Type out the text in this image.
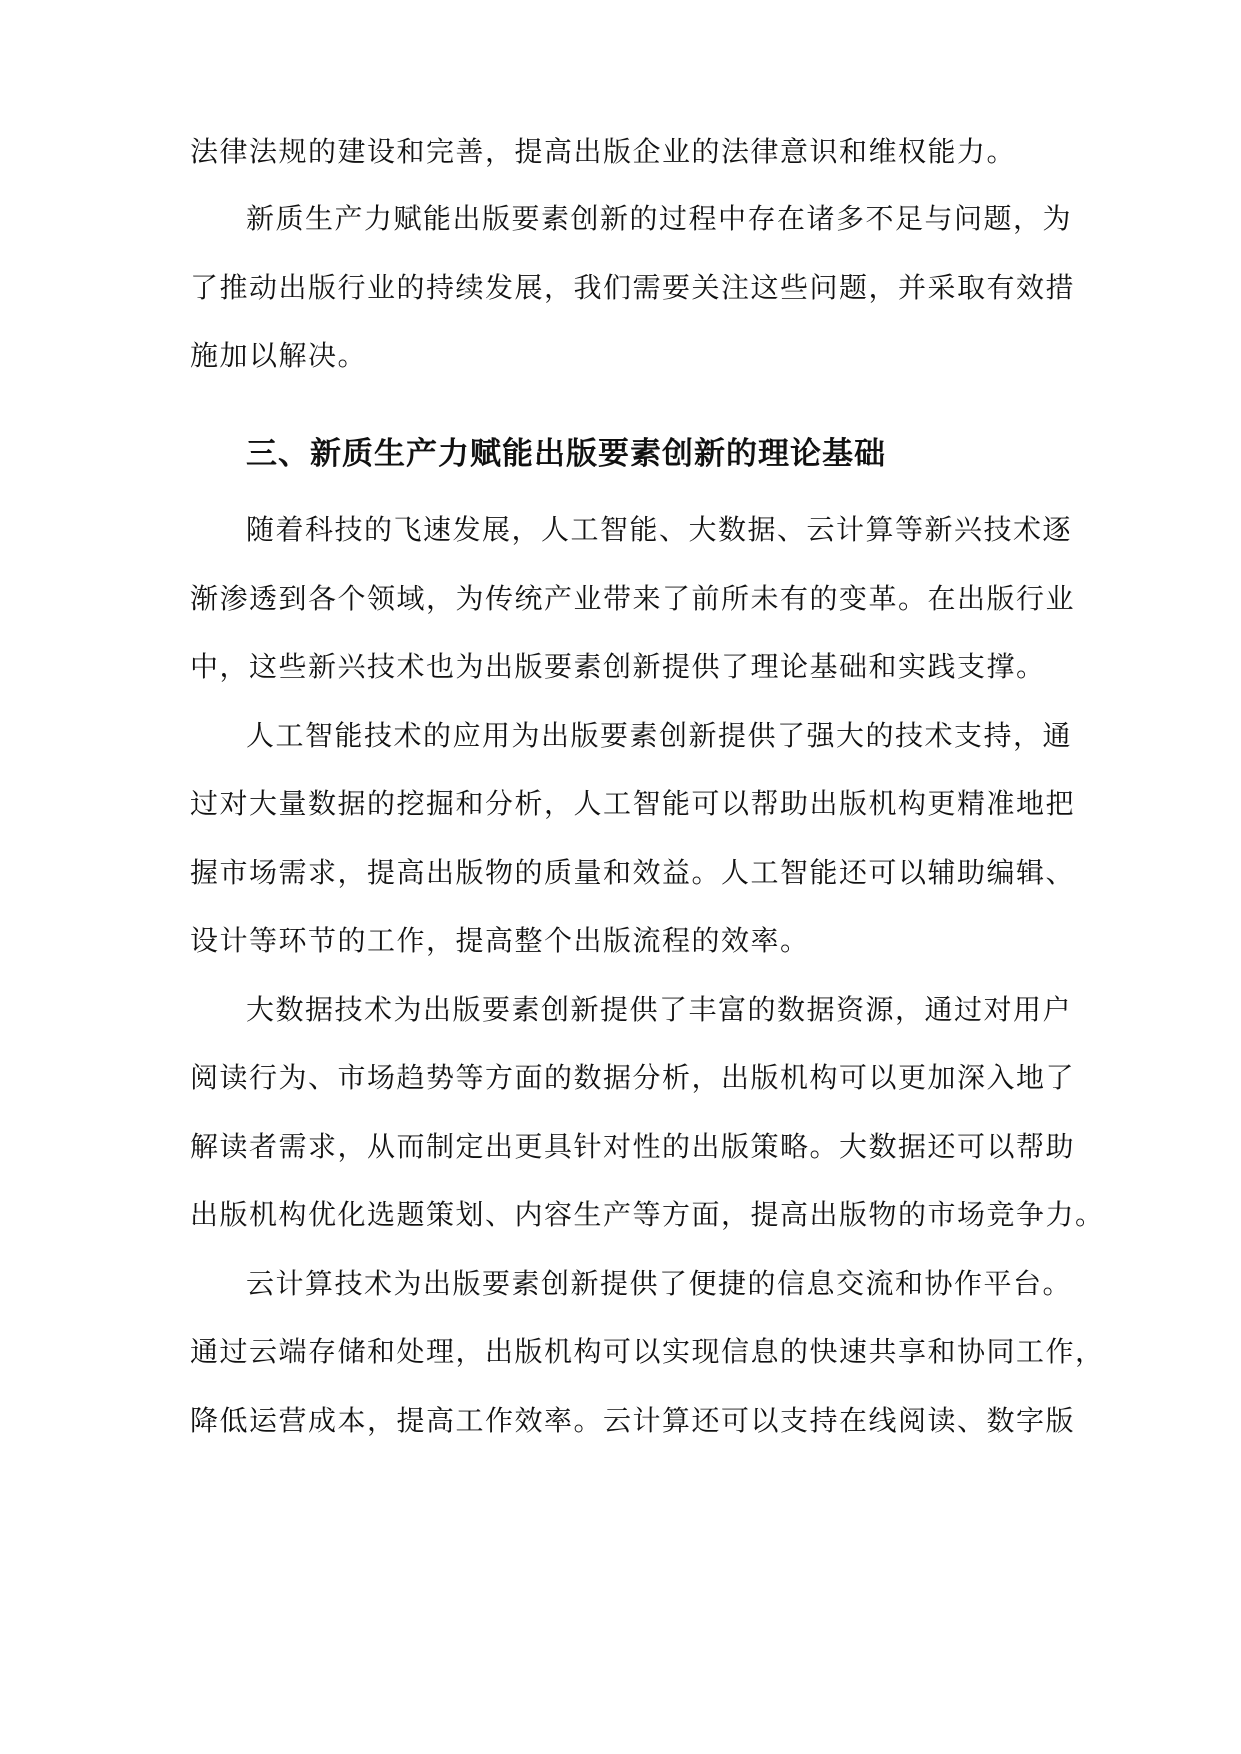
法律法规的建设和完善，提高出版企业的法律意识和维权能力。
新质生产力赋能出版要素创新的过程中存在诸多不足与问题，为
了推动出版行业的持续发展，我们需要关注这些问题，并采取有效措
施加以解决。
三、新质生产力赋能出版要素创新的理论基础
随着科技的飞速发展，人工智能、大数据、云计算等新兴技术逐
渐渗透到各个领域，为传统产业带来了前所未有的变革。在出版行业
中，这些新兴技术也为出版要素创新提供了理论基础和实践支撑。
人工智能技术的应用为出版要素创新提供了强大的技术支持，通
过对大量数据的挖掘和分析，人工智能可以帮助出版机构更精准地把
握市场需求，提高出版物的质量和效益。人工智能还可以辅助编辑、
设计等环节的工作，提高整个出版流程的效率。
大数据技术为出版要素创新提供了丰富的数据资源，通过对用户
阅读行为、市场趋势等方面的数据分析，出版机构可以更加深入地了
解读者需求，从而制定出更具针对性的出版策略。大数据还可以帮助
出版机构优化选题策划、内容生产等方面，提高出版物的市场竞争力。
云计算技术为出版要素创新提供了便捷的信息交流和协作平台。
通过云端存储和处理，出版机构可以实现信息的快速共享和协同工作，
降低运营成本，提高工作效率。云计算还可以支持在线阅读、数字版
